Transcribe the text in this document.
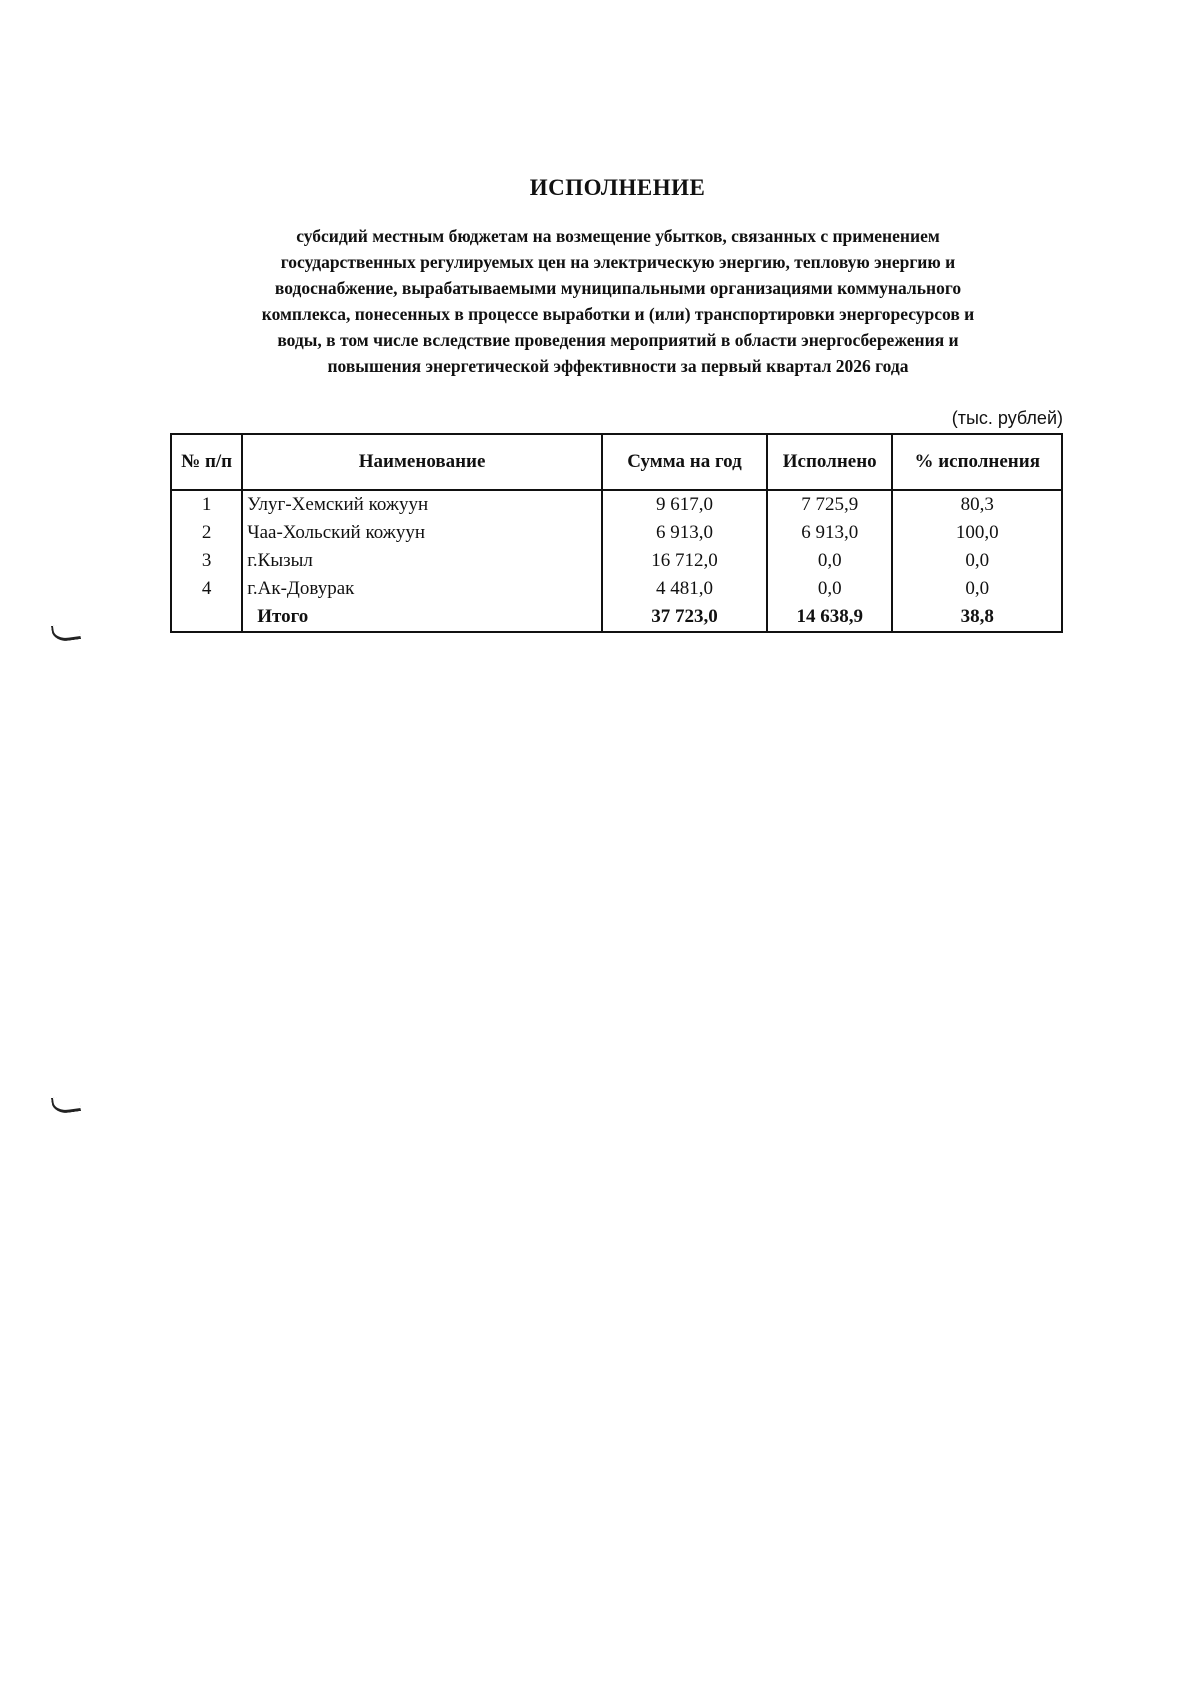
ИСПОЛНЕНИЕ
субсидий местным бюджетам на возмещение убытков, связанных с применением
государственных регулируемых цен на электрическую энергию, тепловую энергию и
водоснабжение, вырабатываемыми муниципальными организациями коммунального
комплекса, понесенных в процессе выработки и (или) транспортировки энергоресурсов и
воды, в том числе вследствие проведения мероприятий в области энергосбережения и
повышения энергетической эффективности за первый квартал 2026 года
(тыс. рублей)
№ п/п	Наименование	Сумма на год	Исполнено	% исполнения
1	Улуг-Хемский кожуун	9 617,0	7 725,9	80,3
2	Чаа-Хольский кожуун	6 913,0	6 913,0	100,0
3	г.Кызыл	16 712,0	0,0	0,0
4	г.Ак-Довурак	4 481,0	0,0	0,0
	Итого	37 723,0	14 638,9	38,8
